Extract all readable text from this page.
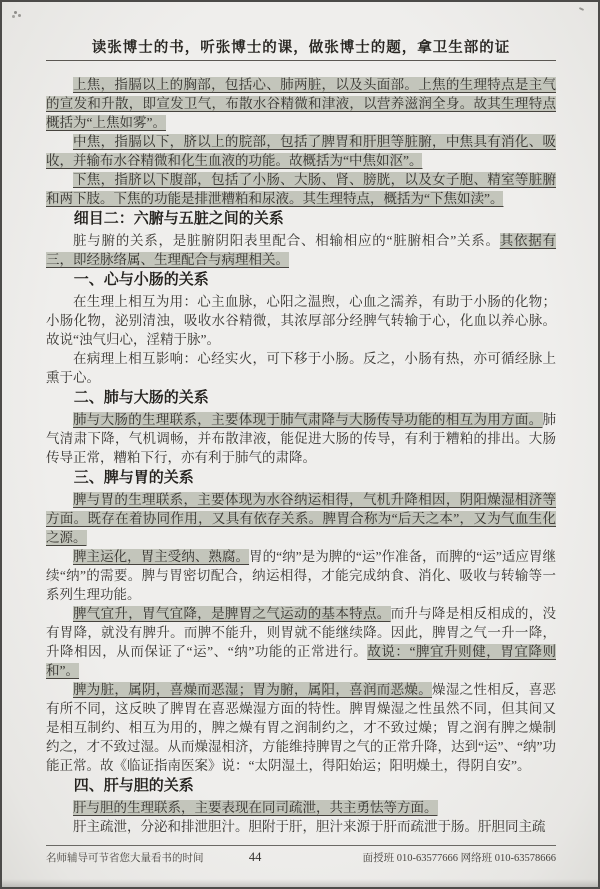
读张博士的书，听张博士的课，做张博士的题，拿卫生部的证

上焦，指膈以上的胸部，包括心、肺两脏，以及头面部。上焦的生理特点是主气的宣发和升散，即宣发卫气，布散水谷精微和津液，以营养滋润全身。故其生理特点概括为“上焦如雾”。

中焦，指膈以下，脐以上的脘部，包括了脾胃和肝胆等脏腑，中焦具有消化、吸收，并输布水谷精微和化生血液的功能。故概括为“中焦如沤”。

下焦，指脐以下腹部，包括了小肠、大肠、肾、膀胱，以及女子胞、精室等脏腑和两下肢。下焦的功能是排泄糟粕和尿液。其生理特点，概括为“下焦如渎”。

细目二：六腑与五脏之间的关系

脏与腑的关系，是脏腑阴阳表里配合、相输相应的“脏腑相合”关系。其依据有三，即经脉络属、生理配合与病理相关。

一、心与小肠的关系

在生理上相互为用：心主血脉，心阳之温煦，心血之濡养，有助于小肠的化物；小肠化物，泌别清浊，吸收水谷精微，其浓厚部分经脾气转输于心，化血以养心脉。故说“浊气归心，淫精于脉”。

在病理上相互影响：心经实火，可下移于小肠。反之，小肠有热，亦可循经脉上熏于心。

二、肺与大肠的关系

肺与大肠的生理联系，主要体现于肺气肃降与大肠传导功能的相互为用方面。肺气清肃下降，气机调畅，并布散津液，能促进大肠的传导，有利于糟粕的排出。大肠传导正常，糟粕下行，亦有利于肺气的肃降。

三、脾与胃的关系

脾与胃的生理联系，主要体现为水谷纳运相得，气机升降相因，阴阳燥湿相济等方面。既存在着协同作用，又具有依存关系。脾胃合称为“后天之本”，又为气血生化之源。

脾主运化，胃主受纳、熟腐。胃的“纳”是为脾的“运”作准备，而脾的“运”适应胃继续“纳”的需要。脾与胃密切配合，纳运相得，才能完成纳食、消化、吸收与转输等一系列生理功能。

脾气宜升，胃气宜降，是脾胃之气运动的基本特点。而升与降是相反相成的，没有胃降，就没有脾升。而脾不能升，则胃就不能继续降。因此，脾胃之气一升一降，升降相因，从而保证了“运”、“纳”功能的正常进行。故说：“脾宜升则健，胃宜降则和”。

脾为脏，属阴，喜燥而恶湿；胃为腑，属阳，喜润而恶燥。燥湿之性相反，喜恶有所不同，这反映了脾胃在喜恶燥湿方面的特性。脾胃燥湿之性虽然不同，但其间又是相互制约、相互为用的，脾之燥有胃之润制约之，才不致过燥；胃之润有脾之燥制约之，才不致过湿。从而燥湿相济，方能维持脾胃之气的正常升降，达到“运”、“纳”功能正常。故《临证指南医案》说：“太阴湿土，得阳始运；阳明燥土，得阴自安”。

四、肝与胆的关系

肝与胆的生理联系，主要表现在同司疏泄，共主勇怯等方面。

肝主疏泄，分泌和排泄胆汁。胆附于肝，胆汁来源于肝而疏泄于肠。肝胆同主疏

名师辅导可节省您大量看书的时间	44	面授班 010-63577666 网络班 010-63578666
